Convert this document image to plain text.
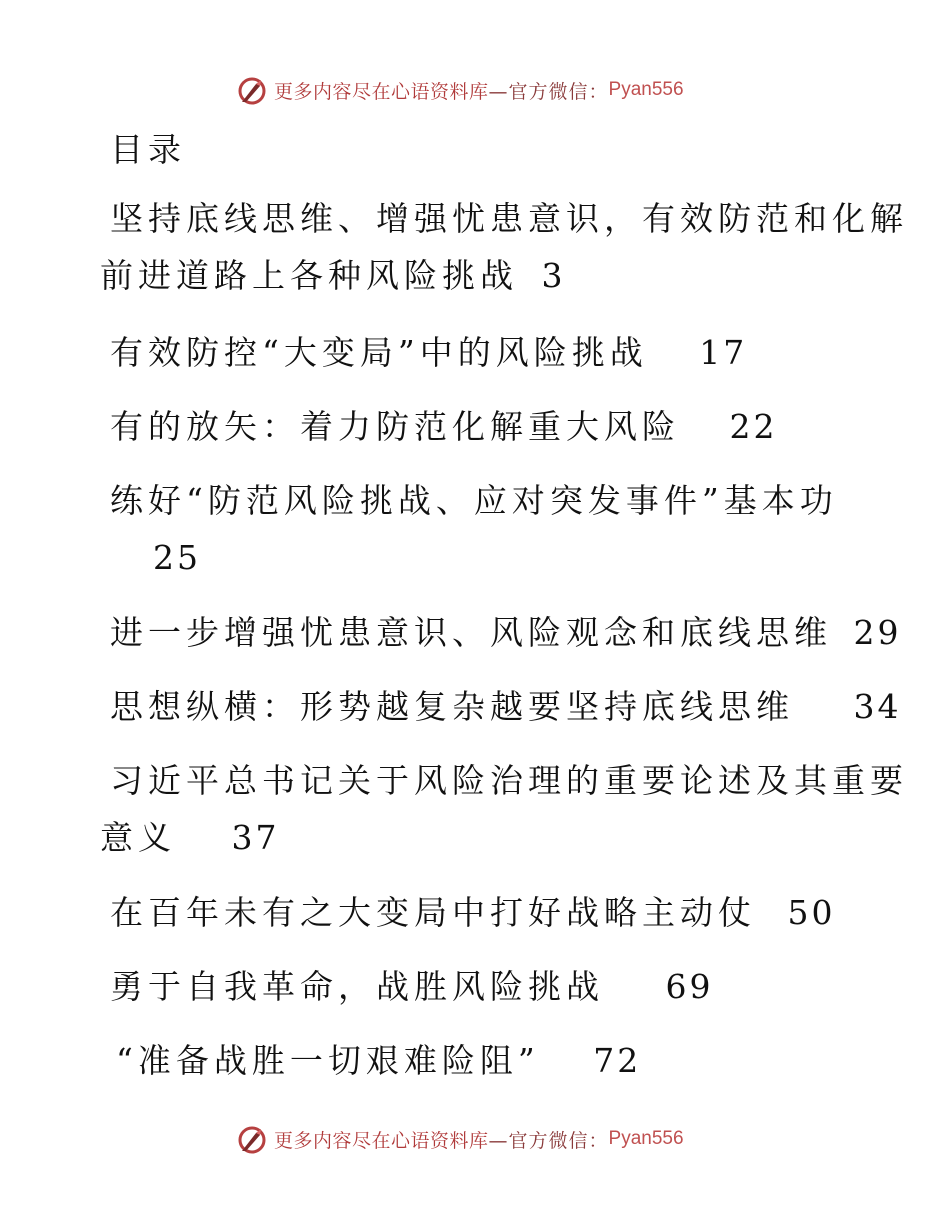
更多内容尽在心语资料库 —官方微信： Pyan556
目录
坚持底线思维、增强忧患意识，有效防范和化解
前进道路上各种风险挑战 3
有效防控“大变局”中的风险挑战 17
有的放矢：着力防范化解重大风险 22
练好“防范风险挑战、应对突发事件”基本功
25
进一步增强忧患意识、风险观念和底线思维 29
思想纵横：形势越复杂越要坚持底线思维 34
习近平总书记关于风险治理的重要论述及其重要
意义 37
在百年未有之大变局中打好战略主动仗 50
勇于自我革命，战胜风险挑战 69
“准备战胜一切艰难险阻” 72
更多内容尽在心语资料库 —官方微信： Pyan556
